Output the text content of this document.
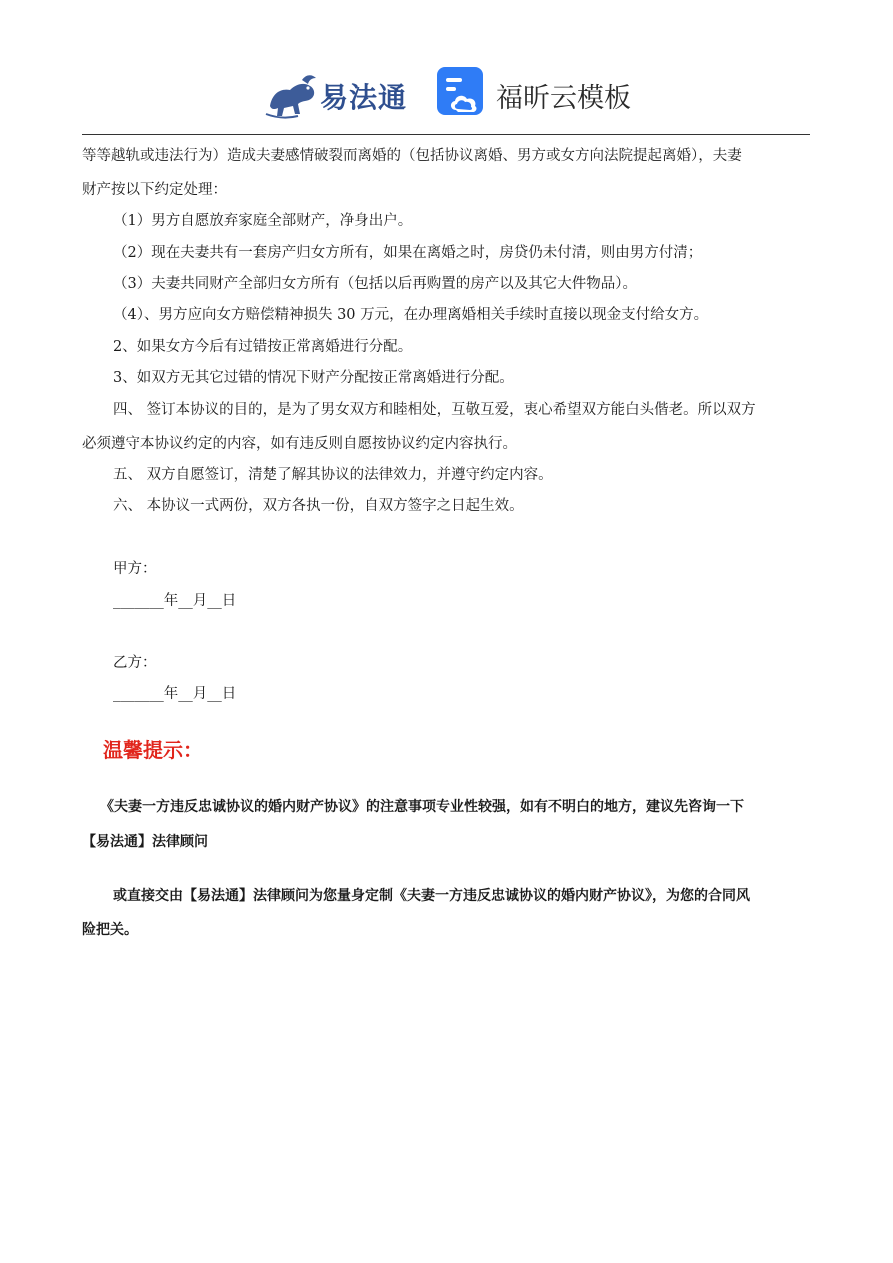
易法通	福昕云模板
等等越轨或违法行为）造成夫妻感情破裂而离婚的（包括协议离婚、男方或女方向法院提起离婚），夫妻
财产按以下约定处理：
（1）男方自愿放弃家庭全部财产，净身出户。
（2）现在夫妻共有一套房产归女方所有，如果在离婚之时，房贷仍未付清，则由男方付清；
（3）夫妻共同财产全部归女方所有（包括以后再购置的房产以及其它大件物品）。
（4）、男方应向女方赔偿精神损失 30 万元，在办理离婚相关手续时直接以现金支付给女方。
2、如果女方今后有过错按正常离婚进行分配。
3、如双方无其它过错的情况下财产分配按正常离婚进行分配。
四、 签订本协议的目的，是为了男女双方和睦相处，互敬互爱，衷心希望双方能白头偕老。所以双方
必须遵守本协议约定的内容，如有违反则自愿按协议约定内容执行。
五、 双方自愿签订，清楚了解其协议的法律效力，并遵守约定内容。
六、 本协议一式两份，双方各执一份，自双方签字之日起生效。
甲方：
_______年__月__日
乙方：
_______年__月__日
温馨提示：
《夫妻一方违反忠诚协议的婚内财产协议》的注意事项专业性较强，如有不明白的地方，建议先咨询一下
【易法通】法律顾问
或直接交由【易法通】法律顾问为您量身定制《夫妻一方违反忠诚协议的婚内财产协议》，为您的合同风
险把关。
